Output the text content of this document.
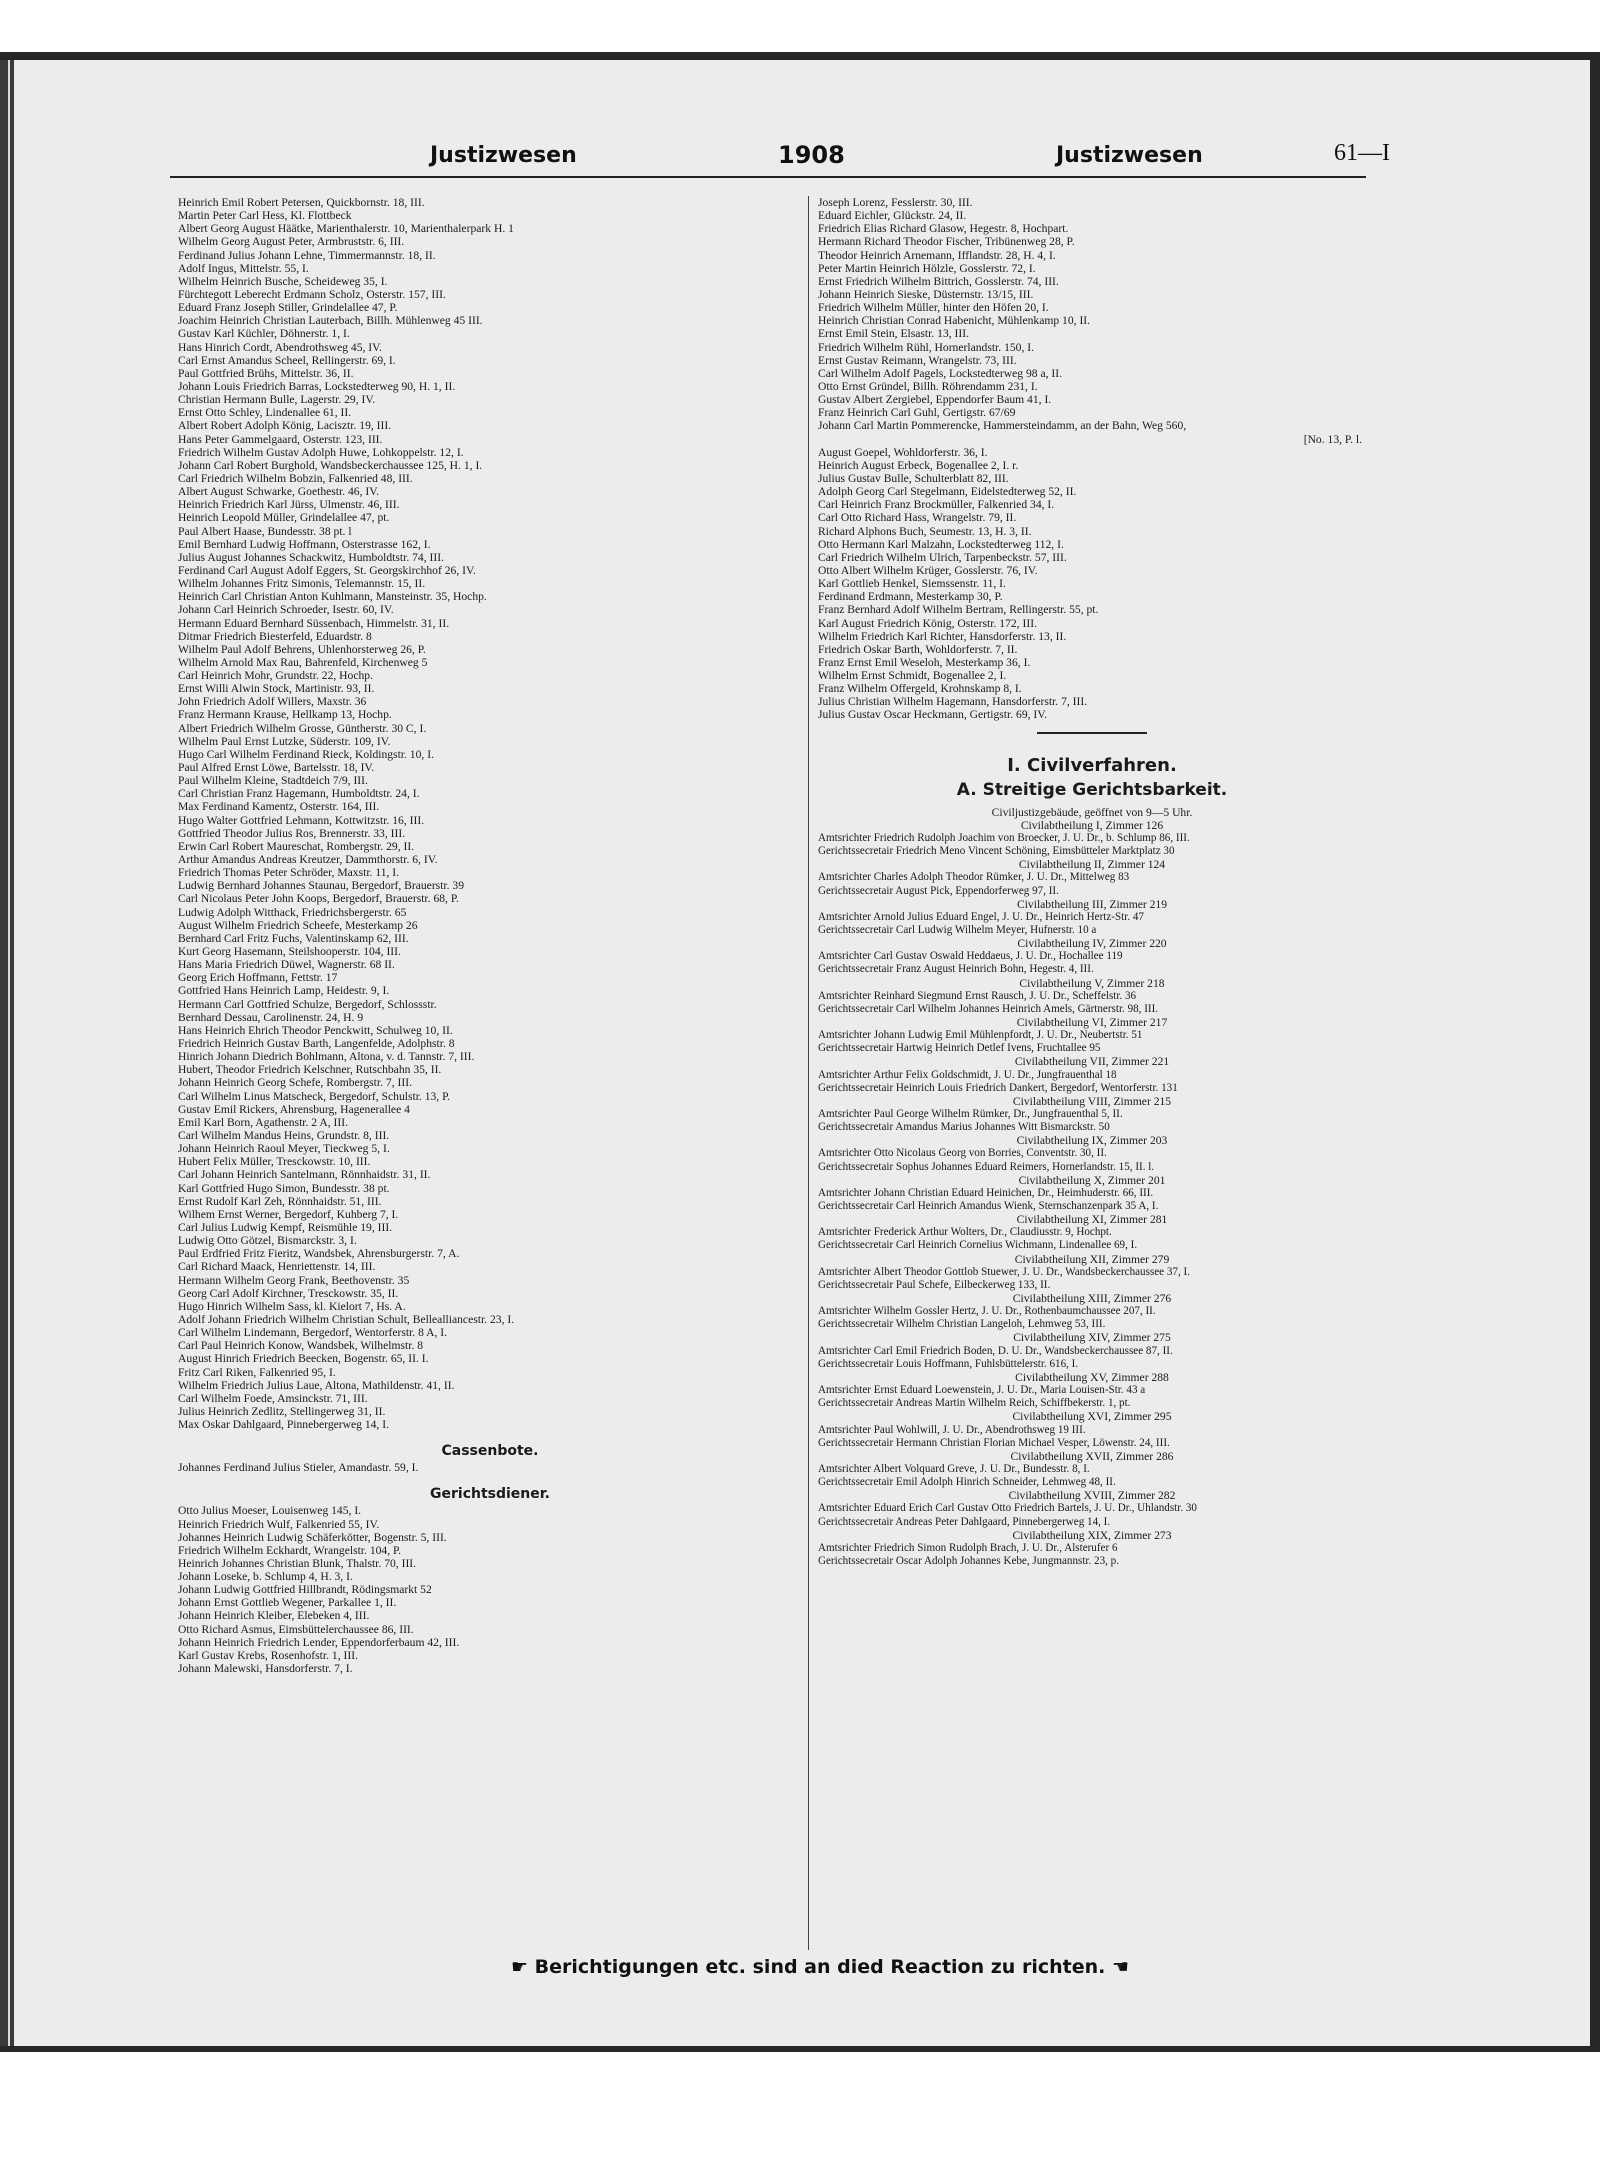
Justizwesen	1908	Justizwesen	61—I
Heinrich Emil Robert Petersen, Quickbornstr. 18, III.
Martin Peter Carl Hess, Kl. Flottbeck
Albert Georg August Häätke, Marienthalerstr. 10, Marienthalerpark H. 1
Wilhelm Georg August Peter, Armbruststr. 6, III.
Ferdinand Julius Johann Lehne, Timmermannstr. 18, II.
Adolf Ingus, Mittelstr. 55, I.
Wilhelm Heinrich Busche, Scheideweg 35, I.
Fürchtegott Leberecht Erdmann Scholz, Osterstr. 157, III.
Eduard Franz Joseph Stiller, Grindelallee 47, P.
Joachim Heinrich Christian Lauterbach, Billh. Mühlenweg 45 III.
Gustav Karl Küchler, Döhnerstr. 1, I.
Hans Hinrich Cordt, Abendrothsweg 45, IV.
Carl Ernst Amandus Scheel, Rellingerstr. 69, I.
Paul Gottfried Brühs, Mittelstr. 36, II.
Johann Louis Friedrich Barras, Lockstedterweg 90, H. 1, II.
Christian Hermann Bulle, Lagerstr. 29, IV.
Ernst Otto Schley, Lindenallee 61, II.
Albert Robert Adolph König, Lacisztr. 19, III.
Hans Peter Gammelgaard, Osterstr. 123, III.
Friedrich Wilhelm Gustav Adolph Huwe, Lohkoppelstr. 12, I.
Johann Carl Robert Burghold, Wandsbeckerchaussee 125, H. 1, I.
Carl Friedrich Wilhelm Bobzin, Falkenried 48, III.
Albert August Schwarke, Goethestr. 46, IV.
Heinrich Friedrich Karl Jürss, Ulmenstr. 46, III.
Heinrich Leopold Müller, Grindelallee 47, pt.
Paul Albert Haase, Bundesstr. 38 pt. l
Emil Bernhard Ludwig Hoffmann, Osterstrasse 162, I.
Julius August Johannes Schackwitz, Humboldtstr. 74, III.
Ferdinand Carl August Adolf Eggers, St. Georgskirchhof 26, IV.
Wilhelm Johannes Fritz Simonis, Telemannstr. 15, II.
Heinrich Carl Christian Anton Kuhlmann, Mansteinstr. 35, Hochp.
Johann Carl Heinrich Schroeder, Isestr. 60, IV.
Hermann Eduard Bernhard Süssenbach, Himmelstr. 31, II.
Ditmar Friedrich Biesterfeld, Eduardstr. 8
Wilhelm Paul Adolf Behrens, Uhlenhorsterweg 26, P.
Wilhelm Arnold Max Rau, Bahrenfeld, Kirchenweg 5
Carl Heinrich Mohr, Grundstr. 22, Hochp.
Ernst Willi Alwin Stock, Martinistr. 93, II.
John Friedrich Adolf Willers, Maxstr. 36
Franz Hermann Krause, Hellkamp 13, Hochp.
Albert Friedrich Wilhelm Grosse, Güntherstr. 30 C, I.
Wilhelm Paul Ernst Lutzke, Süderstr. 109, IV.
Hugo Carl Wilhelm Ferdinand Rieck, Koldingstr. 10, I.
Paul Alfred Ernst Löwe, Bartelsstr. 18, IV.
Paul Wilhelm Kleine, Stadtdeich 7/9, III.
Carl Christian Franz Hagemann, Humboldtstr. 24, I.
Max Ferdinand Kamentz, Osterstr. 164, III.
Hugo Walter Gottfried Lehmann, Kottwitzstr. 16, III.
Gottfried Theodor Julius Ros, Brennerstr. 33, III.
Erwin Carl Robert Maureschat, Rombergstr. 29, II.
Arthur Amandus Andreas Kreutzer, Dammthorstr. 6, IV.
Friedrich Thomas Peter Schröder, Maxstr. 11, I.
Ludwig Bernhard Johannes Staunau, Bergedorf, Brauerstr. 39
Carl Nicolaus Peter John Koops, Bergedorf, Brauerstr. 68, P.
Ludwig Adolph Witthack, Friedrichsbergerstr. 65
August Wilhelm Friedrich Scheefe, Mesterkamp 26
Bernhard Carl Fritz Fuchs, Valentinskamp 62, III.
Kurt Georg Hasemann, Steilshooperstr. 104, III.
Hans Maria Friedrich Düwel, Wagnerstr. 68 II.
Georg Erich Hoffmann, Fettstr. 17
Gottfried Hans Heinrich Lamp, Heidestr. 9, I.
Hermann Carl Gottfried Schulze, Bergedorf, Schlossstr.
Bernhard Dessau, Carolinenstr. 24, H. 9
Hans Heinrich Ehrich Theodor Penckwitt, Schulweg 10, II.
Friedrich Heinrich Gustav Barth, Langenfelde, Adolphstr. 8
Hinrich Johann Diedrich Bohlmann, Altona, v. d. Tannstr. 7, III.
Hubert, Theodor Friedrich Kelschner, Rutschbahn 35, II.
Johann Heinrich Georg Schefe, Rombergstr. 7, III.
Carl Wilhelm Linus Matscheck, Bergedorf, Schulstr. 13, P.
Gustav Emil Rickers, Ahrensburg, Hagenerallee 4
Emil Karl Born, Agathenstr. 2 A, III.
Carl Wilhelm Mandus Heins, Grundstr. 8, III.
Johann Heinrich Raoul Meyer, Tieckweg 5, I.
Hubert Felix Müller, Tresckowstr. 10, III.
Carl Johann Heinrich Santelmann, Rönnhaidstr. 31, II.
Karl Gottfried Hugo Simon, Bundesstr. 38 pt.
Ernst Rudolf Karl Zeh, Rönnhaidstr. 51, III.
Wilhem Ernst Werner, Bergedorf, Kuhberg 7, I.
Carl Julius Ludwig Kempf, Reismühle 19, III.
Ludwig Otto Götzel, Bismarckstr. 3, I.
Paul Erdfried Fritz Fieritz, Wandsbek, Ahrensburgerstr. 7, A.
Carl Richard Maack, Henriettenstr. 14, III.
Hermann Wilhelm Georg Frank, Beethovenstr. 35
Georg Carl Adolf Kirchner, Tresckowstr. 35, II.
Hugo Hinrich Wilhelm Sass, kl. Kielort 7, Hs. A.
Adolf Johann Friedrich Wilhelm Christian Schult, Bellealliancestr. 23, I.
Carl Wilhelm Lindemann, Bergedorf, Wentorferstr. 8 A, I.
Carl Paul Heinrich Konow, Wandsbek, Wilhelmstr. 8
August Hinrich Friedrich Beecken, Bogenstr. 65, II. I.
Fritz Carl Riken, Falkenried 95, I.
Wilhelm Friedrich Julius Laue, Altona, Mathildenstr. 41, II.
Carl Wilhelm Foede, Amsinckstr. 71, III.
Julius Heinrich Zedlitz, Stellingerweg 31, II.
Max Oskar Dahlgaard, Pinnebergerweg 14, I.
Cassenbote.
Johannes Ferdinand Julius Stieler, Amandastr. 59, I.
Gerichtsdiener.
Otto Julius Moeser, Louisenweg 145, I.
Heinrich Friedrich Wulf, Falkenried 55, IV.
Johannes Heinrich Ludwig Schäferkötter, Bogenstr. 5, III.
Friedrich Wilhelm Eckhardt, Wrangelstr. 104, P.
Heinrich Johannes Christian Blunk, Thalstr. 70, III.
Johann Loseke, b. Schlump 4, H. 3, I.
Johann Ludwig Gottfried Hillbrandt, Rödingsmarkt 52
Johann Ernst Gottlieb Wegener, Parkallee 1, II.
Johann Heinrich Kleiber, Elebeken 4, III.
Otto Richard Asmus, Eimsbüttelerchaussee 86, III.
Johann Heinrich Friedrich Lender, Eppendorferbaum 42, III.
Karl Gustav Krebs, Rosenhofstr. 1, III.
Johann Malewski, Hansdorferstr. 7, I.
Joseph Lorenz, Fesslerstr. 30, III.
Eduard Eichler, Glückstr. 24, II.
Friedrich Elias Richard Glasow, Hegestr. 8, Hochpart.
Hermann Richard Theodor Fischer, Tribünenweg 28, P.
Theodor Heinrich Arnemann, Ifflandstr. 28, H. 4, I.
Peter Martin Heinrich Hölzle, Gosslerstr. 72, I.
Ernst Friedrich Wilhelm Bittrich, Gosslerstr. 74, III.
Johann Heinrich Sieske, Düsternstr. 13/15, III.
Friedrich Wilhelm Müller, hinter den Höfen 20, I.
Heinrich Christian Conrad Habenicht, Mühlenkamp 10, II.
Ernst Emil Stein, Elsastr. 13, III.
Friedrich Wilhelm Rühl, Hornerlandstr. 150, I.
Ernst Gustav Reimann, Wrangelstr. 73, III.
Carl Wilhelm Adolf Pagels, Lockstedterweg 98 a, II.
Otto Ernst Gründel, Billh. Röhrendamm 231, I.
Gustav Albert Zergiebel, Eppendorfer Baum 41, I.
Franz Heinrich Carl Guhl, Gertigstr. 67/69
Johann Carl Martin Pommerencke, Hammersteindamm, an der Bahn, Weg 560,
[No. 13, P. l.
August Goepel, Wohldorferstr. 36, I.
Heinrich August Erbeck, Bogenallee 2, I. r.
Julius Gustav Bulle, Schulterblatt 82, III.
Adolph Georg Carl Stegelmann, Eidelstedterweg 52, II.
Carl Heinrich Franz Brockmüller, Falkenried 34, I.
Carl Otto Richard Hass, Wrangelstr. 79, II.
Richard Alphons Buch, Seumestr. 13, H. 3, II.
Otto Hermann Karl Malzahn, Lockstedterweg 112, I.
Carl Friedrich Wilhelm Ulrich, Tarpenbeckstr. 57, III.
Otto Albert Wilhelm Krüger, Gosslerstr. 76, IV.
Karl Gottlieb Henkel, Siemssenstr. 11, I.
Ferdinand Erdmann, Mesterkamp 30, P.
Franz Bernhard Adolf Wilhelm Bertram, Rellingerstr. 55, pt.
Karl August Friedrich König, Osterstr. 172, III.
Wilhelm Friedrich Karl Richter, Hansdorferstr. 13, II.
Friedrich Oskar Barth, Wohldorferstr. 7, II.
Franz Ernst Emil Weseloh, Mesterkamp 36, I.
Wilhelm Ernst Schmidt, Bogenallee 2, I.
Franz Wilhelm Offergeld, Krohnskamp 8, I.
Julius Christian Wilhelm Hagemann, Hansdorferstr. 7, III.
Julius Gustav Oscar Heckmann, Gertigstr. 69, IV.
I. Civilverfahren.
A. Streitige Gerichtsbarkeit.
Civiljustizgebäude, geöffnet von 9—5 Uhr.
Civilabtheilung I, Zimmer 126
Amtsrichter Friedrich Rudolph Joachim von Broecker, J. U. Dr., b. Schlump 86, III.
Gerichtssecretair Friedrich Meno Vincent Schöning, Eimsbütteler Marktplatz 30
Civilabtheilung II, Zimmer 124
Amtsrichter Charles Adolph Theodor Rümker, J. U. Dr., Mittelweg 83
Gerichtssecretair August Pick, Eppendorferweg 97, II.
Civilabtheilung III, Zimmer 219
Amtsrichter Arnold Julius Eduard Engel, J. U. Dr., Heinrich Hertz-Str. 47
Gerichtssecretair Carl Ludwig Wilhelm Meyer, Hufnerstr. 10 a
Civilabtheilung IV, Zimmer 220
Amtsrichter Carl Gustav Oswald Heddaeus, J. U. Dr., Hochallee 119
Gerichtssecretair Franz August Heinrich Bohn, Hegestr. 4, III.
Civilabtheilung V, Zimmer 218
Amtsrichter Reinhard Siegmund Ernst Rausch, J. U. Dr., Scheffelstr. 36
Gerichtssecretair Carl Wilhelm Johannes Heinrich Amels, Gärtnerstr. 98, III.
Civilabtheilung VI, Zimmer 217
Amtsrichter Johann Ludwig Emil Mühlenpfordt, J. U. Dr., Neubertstr. 51
Gerichtssecretair Hartwig Heinrich Detlef Ivens, Fruchtallee 95
Civilabtheilung VII, Zimmer 221
Amtsrichter Arthur Felix Goldschmidt, J. U. Dr., Jungfrauenthal 18
Gerichtssecretair Heinrich Louis Friedrich Dankert, Bergedorf, Wentorferstr. 131
Civilabtheilung VIII, Zimmer 215
Amtsrichter Paul George Wilhelm Rümker, Dr., Jungfrauenthal 5, II.
Gerichtssecretair Amandus Marius Johannes Witt Bismarckstr. 50
Civilabtheilung IX, Zimmer 203
Amtsrichter Otto Nicolaus Georg von Borries, Conventstr. 30, II.
Gerichtssecretair Sophus Johannes Eduard Reimers, Hornerlandstr. 15, II. l.
Civilabtheilung X, Zimmer 201
Amtsrichter Johann Christian Eduard Heinichen, Dr., Heimhuderstr. 66, III.
Gerichtssecretair Carl Heinrich Amandus Wienk, Sternschanzenpark 35 A, I.
Civilabtheilung XI, Zimmer 281
Amtsrichter Frederick Arthur Wolters, Dr., Claudiusstr. 9, Hochpt.
Gerichtssecretair Carl Heinrich Cornelius Wichmann, Lindenallee 69, I.
Civilabtheilung XII, Zimmer 279
Amtsrichter Albert Theodor Gottlob Stuewer, J. U. Dr., Wandsbeckerchaussee 37, I.
Gerichtssecretair Paul Schefe, Eilbeckerweg 133, II.
Civilabtheilung XIII, Zimmer 276
Amtsrichter Wilhelm Gossler Hertz, J. U. Dr., Rothenbaumchaussee 207, II.
Gerichtssecretair Wilhelm Christian Langeloh, Lehmweg 53, III.
Civilabtheilung XIV, Zimmer 275
Amtsrichter Carl Emil Friedrich Boden, D. U. Dr., Wandsbeckerchaussee 87, II.
Gerichtssecretair Louis Hoffmann, Fuhlsbüttelerstr. 616, I.
Civilabtheilung XV, Zimmer 288
Amtsrichter Ernst Eduard Loewenstein, J. U. Dr., Maria Louisen-Str. 43 a
Gerichtssecretair Andreas Martin Wilhelm Reich, Schiffbekerstr. 1, pt.
Civilabtheilung XVI, Zimmer 295
Amtsrichter Paul Wohlwill, J. U. Dr., Abendrothsweg 19 III.
Gerichtssecretair Hermann Christian Florian Michael Vesper, Löwenstr. 24, III.
Civilabtheilung XVII, Zimmer 286
Amtsrichter Albert Volquard Greve, J. U. Dr., Bundesstr. 8, I.
Gerichtssecretair Emil Adolph Hinrich Schneider, Lehmweg 48, II.
Civilabtheilung XVIII, Zimmer 282
Amtsrichter Eduard Erich Carl Gustav Otto Friedrich Bartels, J. U. Dr., Uhlandstr. 30
Gerichtssecretair Andreas Peter Dahlgaard, Pinnebergerweg 14, I.
Civilabtheilung XIX, Zimmer 273
Amtsrichter Friedrich Simon Rudolph Brach, J. U. Dr., Alsterufer 6
Gerichtssecretair Oscar Adolph Johannes Kebe, Jungmannstr. 23, p.
☛ Berichtigungen etc. sind an died Reaction zu richten. ☚
